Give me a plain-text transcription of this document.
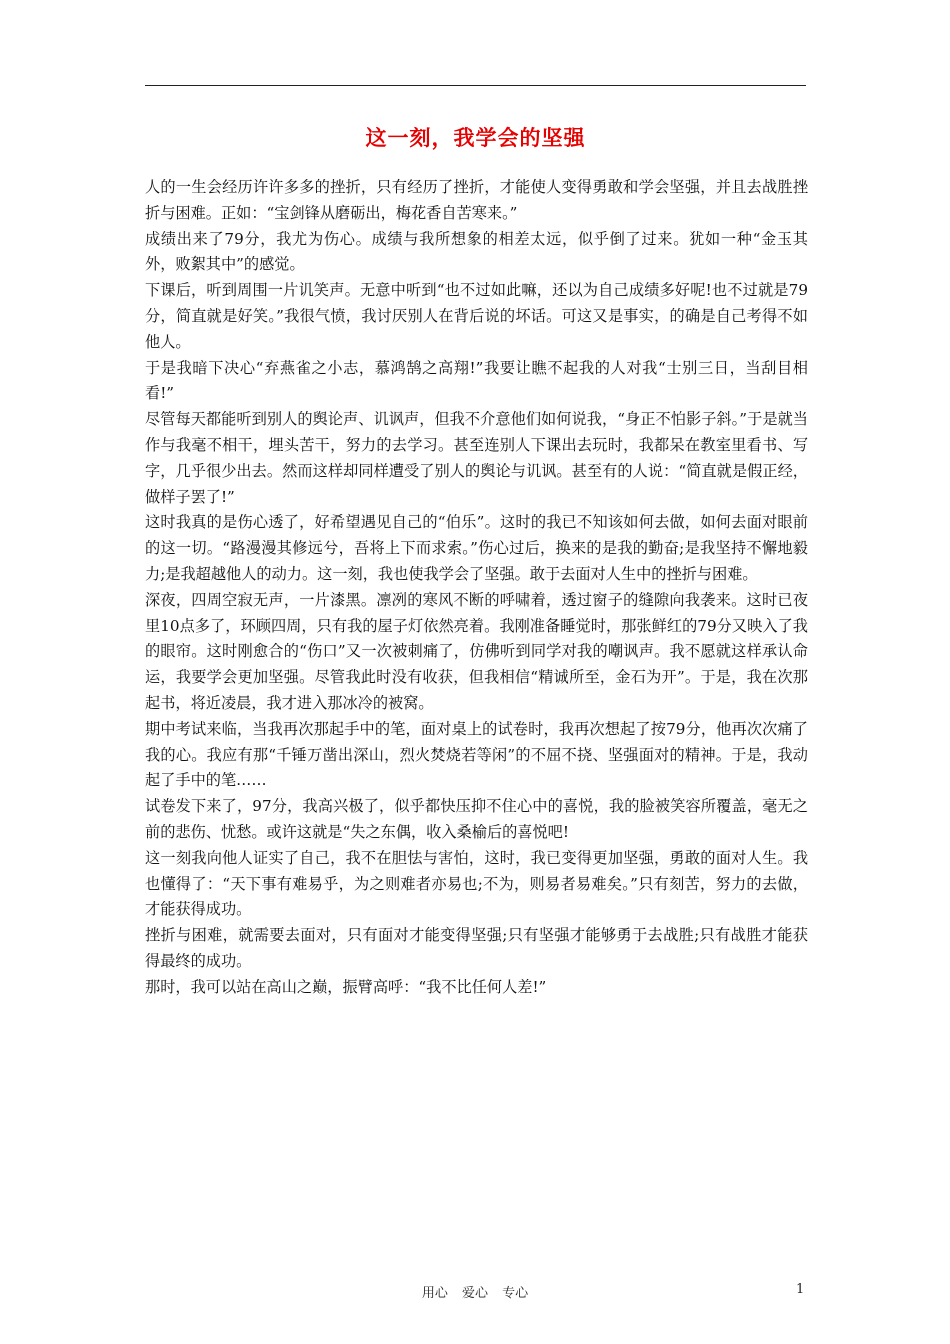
这一刻，我学会的坚强

人的一生会经历许许多多的挫折，只有经历了挫折，才能使人变得勇敢和学会坚强，并且去战胜挫折与困难。正如：“宝剑锋从磨砺出，梅花香自苦寒来。”

成绩出来了79分，我尤为伤心。成绩与我所想象的相差太远，似乎倒了过来。犹如一种“金玉其外，败絮其中”的感觉。

下课后，听到周围一片讥笑声。无意中听到“也不过如此嘛，还以为自己成绩多好呢!也不过就是79分，简直就是好笑。”我很气愤，我讨厌别人在背后说的坏话。可这又是事实，的确是自己考得不如他人。

于是我暗下决心“弃燕雀之小志，慕鸿鹄之高翔!”我要让瞧不起我的人对我“士别三日，当刮目相看!”

尽管每天都能听到别人的舆论声、讥讽声，但我不介意他们如何说我，“身正不怕影子斜。”于是就当作与我毫不相干，埋头苦干，努力的去学习。甚至连别人下课出去玩时，我都呆在教室里看书、写字，几乎很少出去。然而这样却同样遭受了别人的舆论与讥讽。甚至有的人说：“简直就是假正经，做样子罢了!”

这时我真的是伤心透了，好希望遇见自己的“伯乐”。这时的我已不知该如何去做，如何去面对眼前的这一切。“路漫漫其修远兮，吾将上下而求索。”伤心过后，换来的是我的勤奋;是我坚持不懈地毅力;是我超越他人的动力。这一刻，我也使我学会了坚强。敢于去面对人生中的挫折与困难。

深夜，四周空寂无声，一片漆黑。凛冽的寒风不断的呼啸着，透过窗子的缝隙向我袭来。这时已夜里10点多了，环顾四周，只有我的屋子灯依然亮着。我刚准备睡觉时，那张鲜红的79分又映入了我的眼帘。这时刚愈合的“伤口”又一次被刺痛了，仿佛听到同学对我的嘲讽声。我不愿就这样承认命运，我要学会更加坚强。尽管我此时没有收获，但我相信“精诚所至，金石为开”。于是，我在次那起书，将近凌晨，我才进入那冰冷的被窝。

期中考试来临，当我再次那起手中的笔，面对桌上的试卷时，我再次想起了按79分，他再次次痛了我的心。我应有那“千锤万凿出深山，烈火焚烧若等闲”的不屈不挠、坚强面对的精神。于是，我动起了手中的笔……

试卷发下来了，97分，我高兴极了，似乎都快压抑不住心中的喜悦，我的脸被笑容所覆盖，毫无之前的悲伤、忧愁。或许这就是“失之东偶，收入桑榆后的喜悦吧!

这一刻我向他人证实了自己，我不在胆怯与害怕，这时，我已变得更加坚强，勇敢的面对人生。我也懂得了：“天下事有难易乎，为之则难者亦易也;不为，则易者易难矣。”只有刻苦，努力的去做，才能获得成功。

挫折与困难，就需要去面对，只有面对才能变得坚强;只有坚强才能够勇于去战胜;只有战胜才能获得最终的成功。

那时，我可以站在高山之巅，振臂高呼：“我不比任何人差!”

用心 爱心 专心	1
